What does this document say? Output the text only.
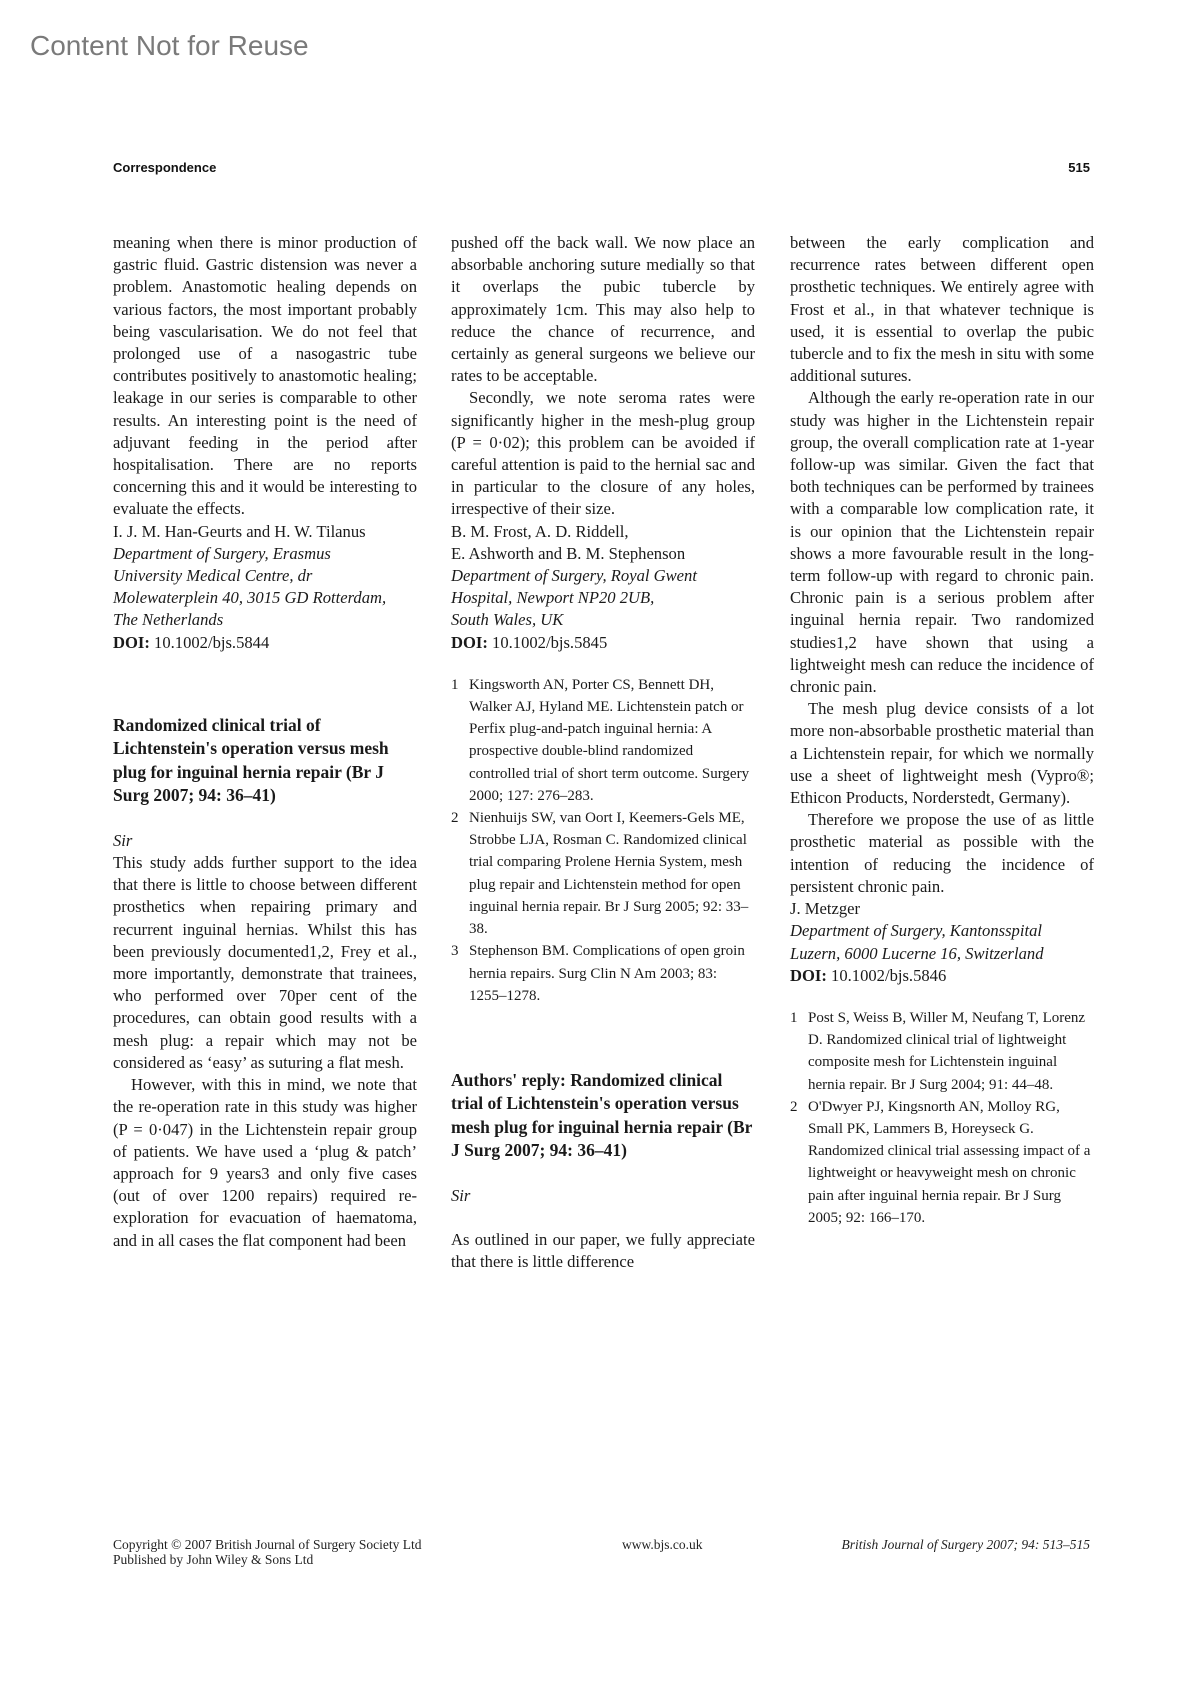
Content Not for Reuse
Correspondence	515

meaning when there is minor production of gastric fluid. Gastric distension was never a problem. Anastomotic healing depends on various factors, the most important probably being vascularisation. We do not feel that prolonged use of a nasogastric tube contributes positively to anastomotic healing; leakage in our series is comparable to other results. An interesting point is the need of adjuvant feeding in the period after hospitalisation. There are no reports concerning this and it would be interesting to evaluate the effects.

I. J. M. Han-Geurts and H. W. Tilanus

Department of Surgery, Erasmus

University Medical Centre, dr

Molewaterplein 40, 3015 GD Rotterdam,

The Netherlands

DOI: 10.1002/bjs.5844

Randomized clinical trial of Lichtenstein's operation versus mesh plug for inguinal hernia repair (Br J Surg 2007; 94: 36–41)

Sir

This study adds further support to the idea that there is little to choose between different prosthetics when repairing primary and recurrent inguinal hernias. Whilst this has been previously documented1,2, Frey et al., more importantly, demonstrate that trainees, who performed over 70per cent of the procedures, can obtain good results with a mesh plug: a repair which may not be considered as ‘easy’ as suturing a flat mesh.

However, with this in mind, we note that the re-operation rate in this study was higher (P = 0·047) in the Lichtenstein repair group of patients. We have used a ‘plug & patch’ approach for 9 years3 and only five cases (out of over 1200 repairs) required re-exploration for evacuation of haematoma, and in all cases the flat component had been

pushed off the back wall. We now place an absorbable anchoring suture medially so that it overlaps the pubic tubercle by approximately 1cm. This may also help to reduce the chance of recurrence, and certainly as general surgeons we believe our rates to be acceptable.

Secondly, we note seroma rates were significantly higher in the mesh-plug group (P = 0·02); this problem can be avoided if careful attention is paid to the hernial sac and in particular to the closure of any holes, irrespective of their size.

B. M. Frost, A. D. Riddell,

E. Ashworth and B. M. Stephenson

Department of Surgery, Royal Gwent

Hospital, Newport NP20 2UB,

South Wales, UK

DOI: 10.1002/bjs.5845

1 Kingsworth AN, Porter CS, Bennett DH, Walker AJ, Hyland ME. Lichtenstein patch or Perfix plug-and-patch inguinal hernia: A prospective double-blind randomized controlled trial of short term outcome. Surgery 2000; 127: 276–283.
2 Nienhuijs SW, van Oort I, Keemers-Gels ME, Strobbe LJA, Rosman C. Randomized clinical trial comparing Prolene Hernia System, mesh plug repair and Lichtenstein method for open inguinal hernia repair. Br J Surg 2005; 92: 33–38.
3 Stephenson BM. Complications of open groin hernia repairs. Surg Clin N Am 2003; 83: 1255–1278.
Authors' reply: Randomized clinical trial of Lichtenstein's operation versus mesh plug for inguinal hernia repair (Br J Surg 2007; 94: 36–41)

Sir

As outlined in our paper, we fully appreciate that there is little difference

between the early complication and recurrence rates between different open prosthetic techniques. We entirely agree with Frost et al., in that whatever technique is used, it is essential to overlap the pubic tubercle and to fix the mesh in situ with some additional sutures.

Although the early re-operation rate in our study was higher in the Lichtenstein repair group, the overall complication rate at 1-year follow-up was similar. Given the fact that both techniques can be performed by trainees with a comparable low complication rate, it is our opinion that the Lichtenstein repair shows a more favourable result in the long-term follow-up with regard to chronic pain. Chronic pain is a serious problem after inguinal hernia repair. Two randomized studies1,2 have shown that using a lightweight mesh can reduce the incidence of chronic pain.

The mesh plug device consists of a lot more non-absorbable prosthetic material than a Lichtenstein repair, for which we normally use a sheet of lightweight mesh (Vypro®; Ethicon Products, Norderstedt, Germany).

Therefore we propose the use of as little prosthetic material as possible with the intention of reducing the incidence of persistent chronic pain.

J. Metzger

Department of Surgery, Kantonsspital

Luzern, 6000 Lucerne 16, Switzerland

DOI: 10.1002/bjs.5846

1 Post S, Weiss B, Willer M, Neufang T, Lorenz D. Randomized clinical trial of lightweight composite mesh for Lichtenstein inguinal hernia repair. Br J Surg 2004; 91: 44–48.
2 O'Dwyer PJ, Kingsnorth AN, Molloy RG, Small PK, Lammers B, Horeyseck G. Randomized clinical trial assessing impact of a lightweight or heavyweight mesh on chronic pain after inguinal hernia repair. Br J Surg 2005; 92: 166–170.
Copyright © 2007 British Journal of Surgery Society Ltd
Published by John Wiley & Sons Ltd
www.bjs.co.uk	British Journal of Surgery 2007; 94: 513–515
